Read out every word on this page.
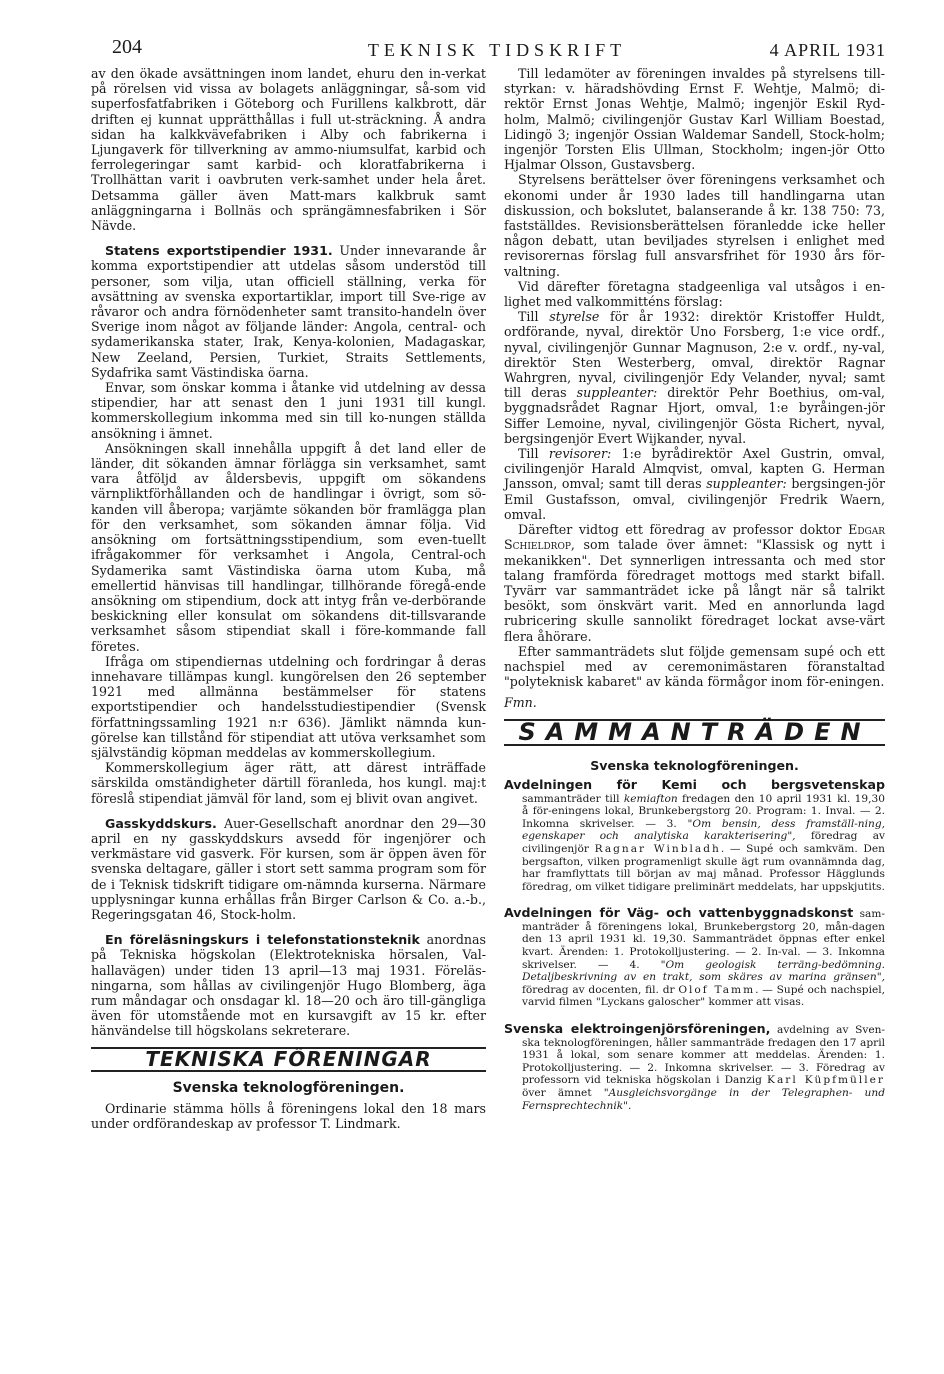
204	TEKNISK TIDSKRIFT	4 APRIL 1931

av den ökade avsättningen inom landet, ehuru den in-verkat på rörelsen vid vissa av bolagets anläggningar, så-som vid superfosfatfabriken i Göteborg och Furillens kalkbrott, där driften ej kunnat upprätthållas i full ut-sträckning. Å andra sidan ha kalkkvävefabriken i Alby och fabrikerna i Ljungaverk för tillverkning av ammo-niumsulfat, karbid och ferrolegeringar samt karbid- och kloratfabrikerna i Trollhättan varit i oavbruten verk-samhet under hela året. Detsamma gäller även Matt-mars kalkbruk samt anläggningarna i Bollnäs och sprängämnesfabriken i Sör Nävde.

Statens exportstipendier 1931. Under innevarande år komma exportstipendier att utdelas såsom understöd till personer, som vilja, utan officiell ställning, verka för avsättning av svenska exportartiklar, import till Sve-rige av råvaror och andra förnödenheter samt transito-handeln över Sverige inom något av följande länder: Angola, central- och sydamerikanska stater, Irak, Kenya-kolonien, Madagaskar, New Zeeland, Persien, Turkiet, Straits Settlements, Sydafrika samt Västindiska öarna.

Envar, som önskar komma i åtanke vid utdelning av dessa stipendier, har att senast den 1 juni 1931 till kungl. kommerskollegium inkomma med sin till ko-nungen ställda ansökning i ämnet.

Ansökningen skall innehålla uppgift å det land eller de länder, dit sökanden ämnar förlägga sin verksamhet, samt vara åtföljd av åldersbevis, uppgift om sökandens värnpliktförhållanden och de handlingar i övrigt, som sö-kanden vill åberopa; varjämte sökanden bör framlägga plan för den verksamhet, som sökanden ämnar följa. Vid ansökning om fortsättningsstipendium, som even-tuellt ifrågakommer för verksamhet i Angola, Central-och Sydamerika samt Västindiska öarna utom Kuba, må emellertid hänvisas till handlingar, tillhörande föregå-ende ansökning om stipendium, dock att intyg från ve-derbörande beskickning eller konsulat om sökandens dit-tillsvarande verksamhet såsom stipendiat skall i före-kommande fall företes.

Ifråga om stipendiernas utdelning och fordringar å deras innehavare tillämpas kungl. kungörelsen den 26 september 1921 med allmänna bestämmelser för statens exportstipendier och handelsstudiestipendier (Svensk författningssamling 1921 n:r 636). Jämlikt nämnda kun-görelse kan tillstånd för stipendiat att utöva verksamhet som självständig köpman meddelas av kommerskollegium.

Kommerskollegium äger rätt, att därest inträffade särskilda omständigheter därtill föranleda, hos kungl. maj:t föreslå stipendiat jämväl för land, som ej blivit ovan angivet.

Gasskyddskurs. Auer-Gesellschaft anordnar den 29—30 april en ny gasskyddskurs avsedd för ingenjörer och verkmästare vid gasverk. För kursen, som är öppen även för svenska deltagare, gäller i stort sett samma program som för de i Teknisk tidskrift tidigare om-nämnda kurserna. Närmare upplysningar kunna erhållas från Birger Carlson & Co. a.-b., Regeringsgatan 46, Stock-holm.

En föreläsningskurs i telefonstationsteknik anordnas på Tekniska högskolan (Elektrotekniska hörsalen, Val-hallavägen) under tiden 13 april—13 maj 1931. Föreläs-ningarna, som hållas av civilingenjör Hugo Blomberg, äga rum måndagar och onsdagar kl. 18—20 och äro till-gängliga även för utomstående mot en kursavgift av 15 kr. efter hänvändelse till högskolans sekreterare.

TEKNISKA FÖRENINGAR
Svenska teknologföreningen.

Ordinarie stämma hölls å föreningens lokal den 18 mars under ordförandeskap av professor T. Lindmark.

Till ledamöter av föreningen invaldes på styrelsens till-styrkan: v. häradshövding Ernst F. Wehtje, Malmö; di-rektör Ernst Jonas Wehtje, Malmö; ingenjör Eskil Ryd-holm, Malmö; civilingenjör Gustav Karl William Boestad, Lidingö 3; ingenjör Ossian Waldemar Sandell, Stock-holm; ingenjör Torsten Elis Ullman, Stockholm; ingen-jör Otto Hjalmar Olsson, Gustavsberg.

Styrelsens berättelser över föreningens verksamhet och ekonomi under år 1930 lades till handlingarna utan diskussion, och bokslutet, balanserande å kr. 138 750: 73, fastställdes. Revisionsberättelsen föranledde icke heller någon debatt, utan beviljades styrelsen i enlighet med revisorernas förslag full ansvarsfrihet för 1930 års för-valtning.

Vid därefter företagna stadgeenliga val utsågos i en-lighet med valkommitténs förslag:

Till styrelse för år 1932: direktör Kristoffer Huldt, ordförande, nyval, direktör Uno Forsberg, 1:e vice ordf., nyval, civilingenjör Gunnar Magnuson, 2:e v. ordf., ny-val, direktör Sten Westerberg, omval, direktör Ragnar Wahrgren, nyval, civilingenjör Edy Velander, nyval; samt till deras suppleanter: direktör Pehr Boethius, om-val, byggnadsrådet Ragnar Hjort, omval, 1:e byråingen-jör Siffer Lemoine, nyval, civilingenjör Gösta Richert, nyval, bergsingenjör Evert Wijkander, nyval.

Till revisorer: 1:e byrådirektör Axel Gustrin, omval, civilingenjör Harald Almqvist, omval, kapten G. Herman Jansson, omval; samt till deras suppleanter: bergsingen-jör Emil Gustafsson, omval, civilingenjör Fredrik Waern, omval.

Därefter vidtog ett föredrag av professor doktor Edgar Schieldrop, som talade över ämnet: "Klassisk og nytt i mekanikken". Det synnerligen intressanta och med stor talang framförda föredraget mottogs med starkt bifall. Tyvärr var sammanträdet icke på långt när så talrikt besökt, som önskvärt varit. Med en annorlunda lagd rubricering skulle sannolikt föredraget lockat avse-värt flera åhörare.

Efter sammanträdets slut följde gemensam supé och ett nachspiel med av ceremonimästaren föranstaltad "polyteknisk kabaret" av kända förmågor inom för-eningen.

Fmn.

SAMMANTRÄDEN
Svenska teknologföreningen.

Avdelningen för Kemi och bergsvetenskap sammanträder till kemiafton fredagen den 10 april 1931 kl. 19,30 å för-eningens lokal, Brunkebergstorg 20. Program: 1. Inval. — 2. Inkomna skrivelser. — 3. "Om bensin, dess framställ-ning, egenskaper och analytiska karakterisering", föredrag av civilingenjör Ragnar Winbladh. — Supé och samkväm. Den bergsafton, vilken programenligt skulle ägt rum ovannämnda dag, har framflyttats till början av maj månad. Professor Hägglunds föredrag, om vilket tidigare preliminärt meddelats, har uppskjutits.

Avdelningen för Väg- och vattenbyggnadskonst sam-manträder å föreningens lokal, Brunkebergstorg 20, mån-dagen den 13 april 1931 kl. 19,30. Sammanträdet öppnas efter enkel kvart. Ärenden: 1. Protokolljustering. — 2. In-val. — 3. Inkomna skrivelser. — 4. "Om geologisk terräng-bedömning. Detaljbeskrivning av en trakt, som skäres av marina gränsen", föredrag av docenten, fil. dr Olof Tamm. — Supé och nachspiel, varvid filmen "Lyckans galoscher" kommer att visas.

Svenska elektroingenjörsföreningen, avdelning av Sven-ska teknologföreningen, håller sammanträde fredagen den 17 april 1931 å lokal, som senare kommer att meddelas. Ärenden: 1. Protokolljustering. — 2. Inkomna skrivelser. — 3. Föredrag av professorn vid tekniska högskolan i Danzig Karl Küpfmüller över ämnet "Ausgleichsvorgänge in der Telegraphen- und Fernsprechtechnik".
